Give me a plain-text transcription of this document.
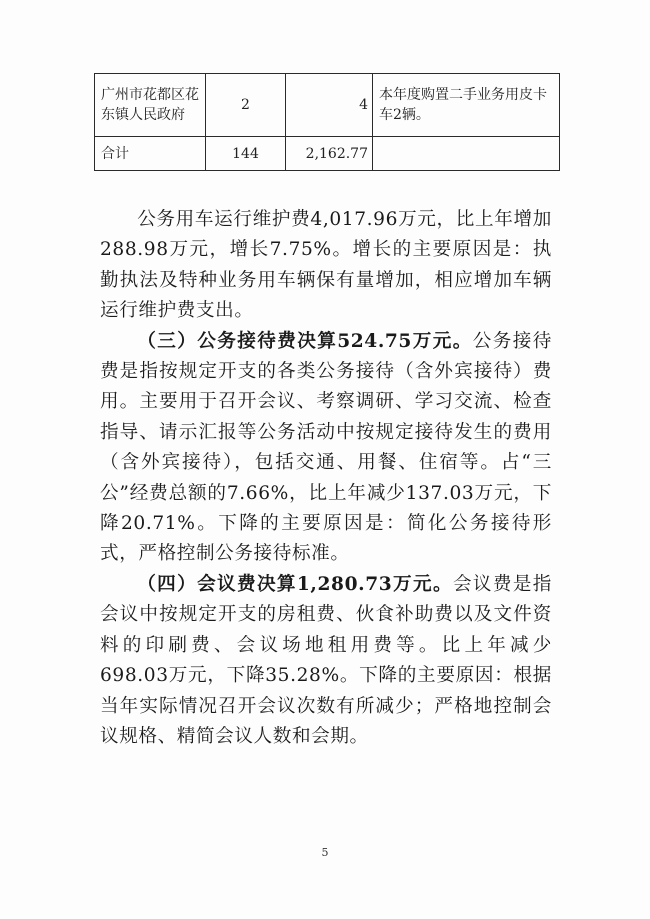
广州市花都区花东镇人民政府	2	4	本年度购置二手业务用皮卡车2辆。
合计	144	2,162.77	

公务用车运行维护费4,017.96万元，比上年增加288.98万元，增长7.75%。增长的主要原因是：执勤执法及特种业务用车辆保有量增加，相应增加车辆运行维护费支出。

（三）公务接待费决算524.75万元。公务接待费是指按规定开支的各类公务接待（含外宾接待）费用。主要用于召开会议、考察调研、学习交流、检查指导、请示汇报等公务活动中按规定接待发生的费用（含外宾接待），包括交通、用餐、住宿等。占“三公”经费总额的7.66%，比上年减少137.03万元，下降20.71%。下降的主要原因是：简化公务接待形式，严格控制公务接待标准。

（四）会议费决算1,280.73万元。会议费是指会议中按规定开支的房租费、伙食补助费以及文件资料的印刷费、会议场地租用费等。比上年减少698.03万元，下降35.28%。下降的主要原因：根据当年实际情况召开会议次数有所减少；严格地控制会议规格、精简会议人数和会期。

5
